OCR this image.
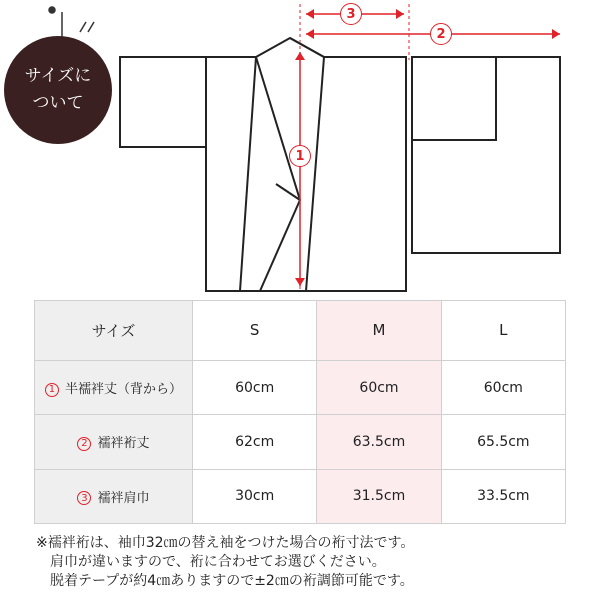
3
2
1
サイズに
ついて
サイズ	S	M	L
1 半襦袢丈（背から）	60cm	60cm	60cm
2 襦袢裄丈	62cm	63.5cm	65.5cm
3 襦袢肩巾	30cm	31.5cm	33.5cm
※襦袢裄は、袖巾32㎝の替え袖をつけた場合の裄寸法です。
肩巾が違いますので、裄に合わせてお選びください。
脱着テープが約4㎝ありますので±2㎝の裄調節可能です。
